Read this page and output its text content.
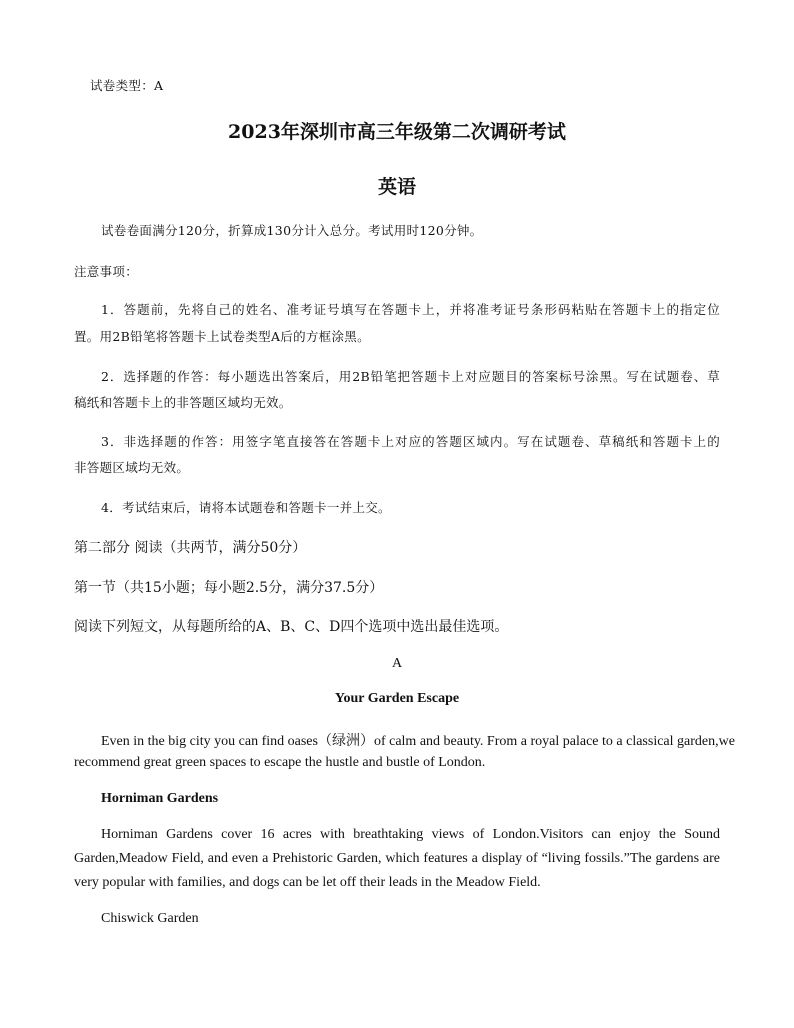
试卷类型：A
2023年深圳市高三年级第二次调研考试
英语
试卷卷面满分120分，折算成130分计入总分。考试用时120分钟。
注意事项：
1．答题前，先将自己的姓名、准考证号填写在答题卡上，并将准考证号条形码粘贴在答题卡上的指定位
置。用2B铅笔将答题卡上试卷类型A后的方框涂黑。
2．选择题的作答：每小题选出答案后，用2B铅笔把答题卡上对应题目的答案标号涂黑。写在试题卷、草
稿纸和答题卡上的非答题区域均无效。
3．非选择题的作答：用签字笔直接答在答题卡上对应的答题区域内。写在试题卷、草稿纸和答题卡上的
非答题区域均无效。
4．考试结束后，请将本试题卷和答题卡一并上交。
第二部分 阅读（共两节，满分50分）
第一节（共15小题；每小题2.5分，满分37.5分）
阅读下列短文，从每题所给的A、B、C、D四个选项中选出最佳选项。
A
Your Garden Escape
Even in the big city you can find oases（绿洲）of calm and beauty. From a royal palace to a classical garden,we
recommend great green spaces to escape the hustle and bustle of London.
Horniman Gardens
Horniman Gardens cover 16 acres with breathtaking views of London.Visitors can enjoy the Sound
Garden,Meadow Field, and even a Prehistoric Garden, which features a display of “living fossils.”The gardens are
very popular with families, and dogs can be let off their leads in the Meadow Field.
Chiswick Garden
